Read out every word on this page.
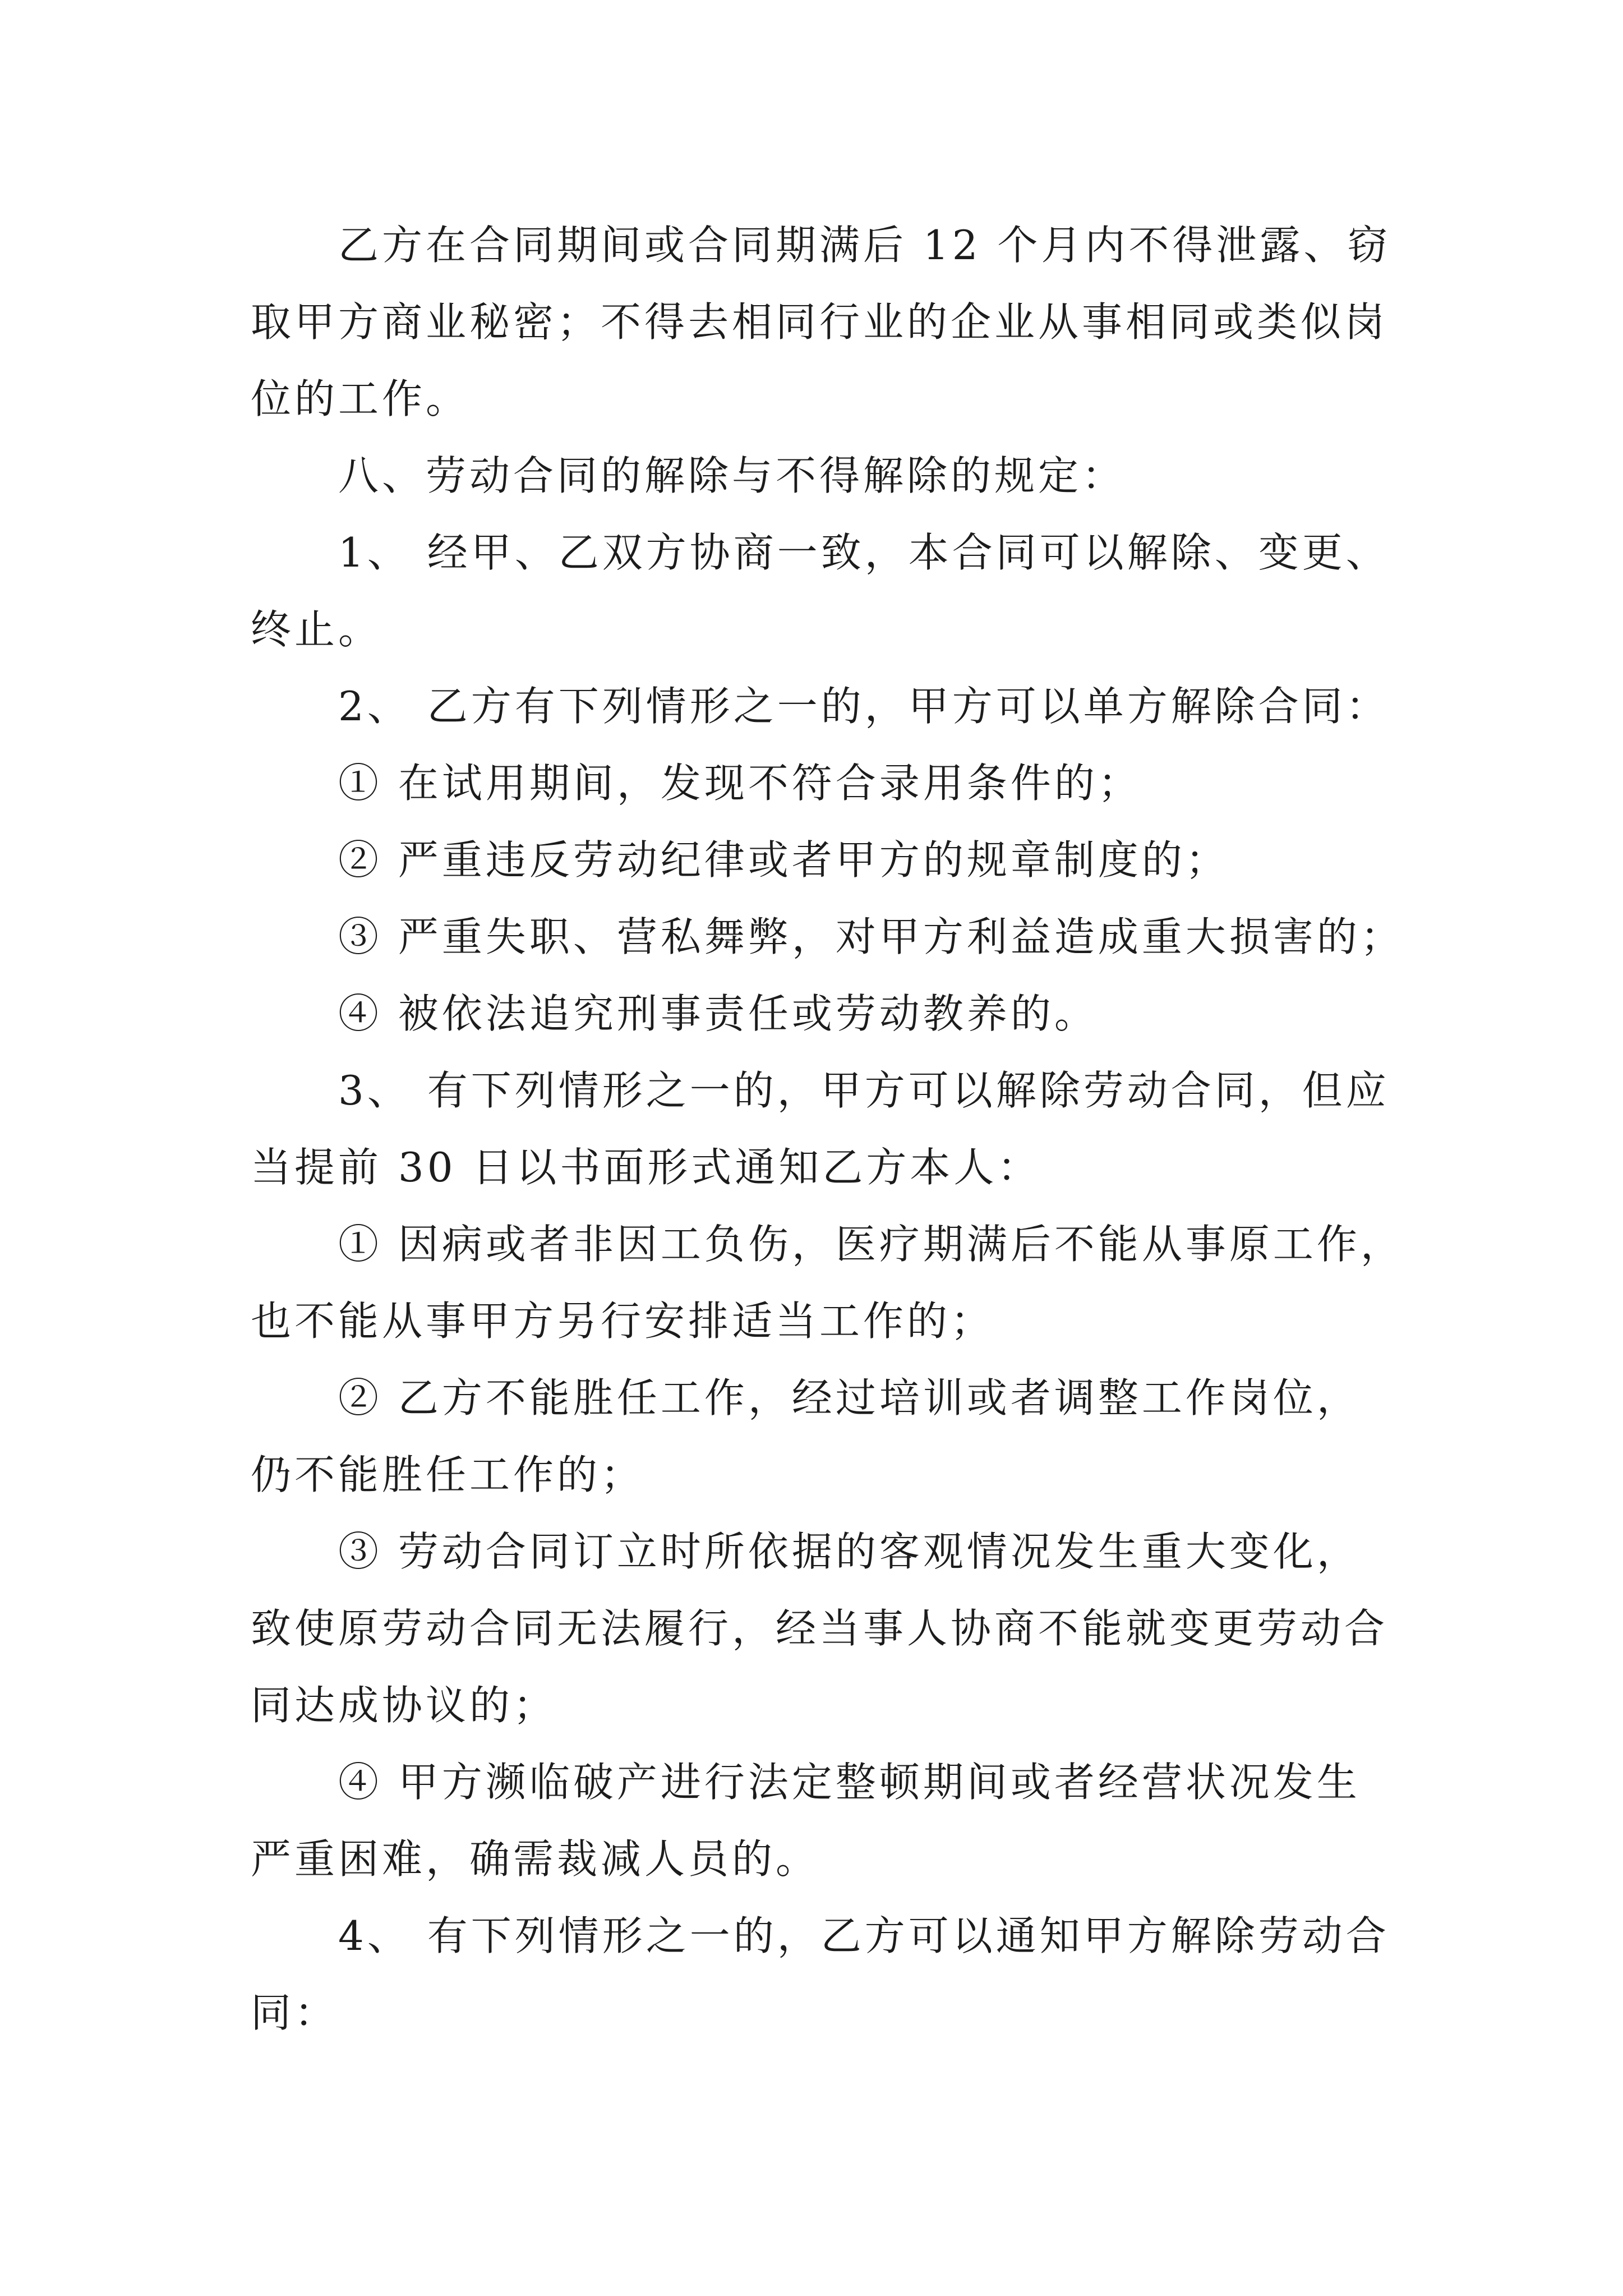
乙方在合同期间或合同期满后 12 个月内不得泄露、窃
取甲方商业秘密；不得去相同行业的企业从事相同或类似岗
位的工作。
八、劳动合同的解除与不得解除的规定：
1、 经甲、乙双方协商一致，本合同可以解除、变更、
终止。
2、 乙方有下列情形之一的，甲方可以单方解除合同：
① 在试用期间，发现不符合录用条件的；
② 严重违反劳动纪律或者甲方的规章制度的；
③ 严重失职、营私舞弊，对甲方利益造成重大损害的；
④ 被依法追究刑事责任或劳动教养的。
3、 有下列情形之一的，甲方可以解除劳动合同，但应
当提前 30 日以书面形式通知乙方本人：
① 因病或者非因工负伤，医疗期满后不能从事原工作，
也不能从事甲方另行安排适当工作的；
② 乙方不能胜任工作，经过培训或者调整工作岗位，
仍不能胜任工作的；
③ 劳动合同订立时所依据的客观情况发生重大变化，
致使原劳动合同无法履行，经当事人协商不能就变更劳动合
同达成协议的；
④ 甲方濒临破产进行法定整顿期间或者经营状况发生
严重困难，确需裁减人员的。
4、 有下列情形之一的，乙方可以通知甲方解除劳动合
同：
